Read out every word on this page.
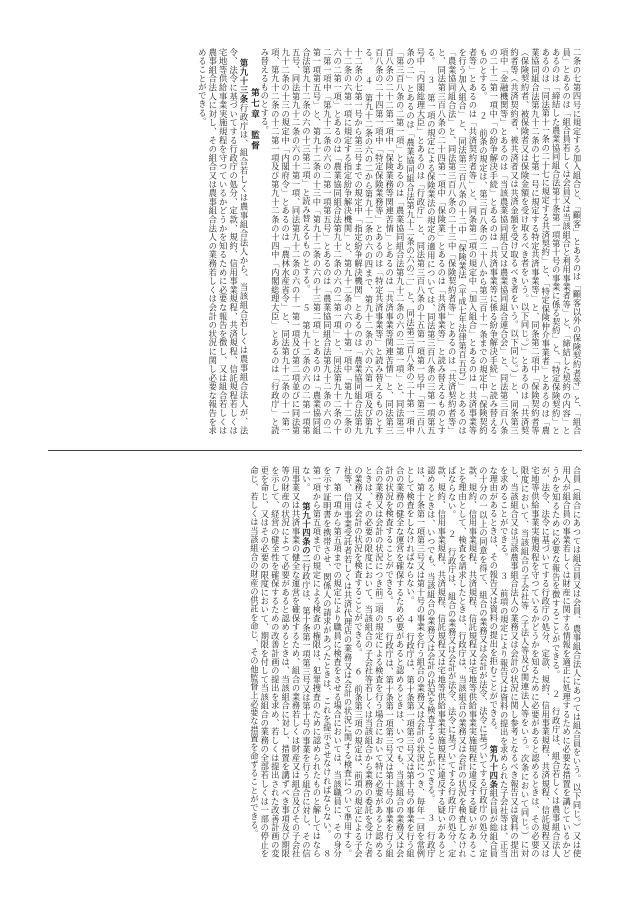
二条の七第四号に規定する加入組合と、「顧客」とあるのは「顧客以外の保険契約者等」と、「組合員」とあるのは「組合員若しくは会員又は当該組合と利用事業者等」と、「締結した契約の内容」とあるのは「締結した農業協同組合法第十条第一項第十号の事業に係る契約」と、「特定保険契約」とあるのは「同法第十一条の二十七に規定する共済契約」と、「特定保険仲介事業者」とあるのは「農業協同組合法第九十二条の七第一号に規定する特定共済事業等」と、同条第二項中「保険契約者等（保険契約者、被保険者又は保険金額を受け取るべき者をいう。以下同じ。）」とあるのは「共済契約者等（共済契約者、被共済者又は共済金額を受け取るべき者をいう。以下同じ。）」と、同条第三項中「金融機関等」とあるのは「当該農業協同組合又は農業協同組合連合会」と、同法第三百八条の二十二第一項中「の紛争解決手続」とあるのは「共済事業等に係る紛争解決手続」と読み替えるものとする。 ２　前条の規定は、第三百八条の二十八から第三百十一条までの規定中「保険契約者等」とあるのは「共済契約者等」と、同条第二項の規定中「加入組合」とあるのは「共済事業等を行う加入組合」と、同法第三百八条の十二中「保険業法（平成七年法律第百五号）」とあるのは「農業協同組合法」と、同法第三百八条の二十三中「保険契約者等」とあるのは「共済契約者等」と、同法第三百八条の二十四第一項中「保険業」とあるのは「共済事業等」と読み替えるものとする。 ３　第一項の規定による保険業法の規定の適用については、同法第三百八条の三第一項第五号中「内閣総理大臣」とあるのは「行政庁」と、同法第三百八条の十五第一項第一号中「第三百八条の二」とあるのは「農業協同組合法第九十二条の六の二」と、同法第三百八条の二十第一項中「第三百八条の二第一項」とあるのは「農業協同組合法第九十二条の六の二第一項」と、同法第三百八条の二十二第一項中「保険業務等関連苦情」とあるのは「共済事業等関連苦情」と、同法第三百八条の二十四第一項中「特定保険業務等」とあるのは「特定共済事業等」と読み替えるものとする。 ４　第九十二条の六の二から第九十二条の六の四まで、第九十二条の六の六第一項及び第九十二条の七第一号から第三号までの規定中「指定紛争解決機関」とあるのは「農業協同組合法第九十二条の六第一項に規定する指定紛争解決機関」と、第九十二条の六の十第一項中「第九十二条の六の二第一項」とあるのは「農業協同組合法第九十二条の六の二第一項」と、同法第九十二条の十二第一項中「第九十二条の六の二第一項第五号」とあるのは「農業協同組合法第九十二条の六の二第一項第五号」と、第九十二条の十三中「第九十二条の六の十三第二項」とあるのは「農業協同組合法第九十二条の六の十三第二項」と読み替えるものとする。 ５　第九十二条の六の二第一項第五号、同法第九十二条の六の十第一項、同法第九十二条の六の十一第一項及び第二項並びに同法第九十二条の十三の規定中「内閣府令」とあるのは「農林水産省令」と、同法第九十二条の十一第一項、第九十二条の十二第一項及び第九十二条の十四中「内閣総理大臣」とあるのは「行政庁」と読み替えるものとする。
第七章　監督
第九十三条行政庁は、組合若しくは農事組合法人から、当該組合若しくは農事組合法人が、法令、法令に基づいてする行政庁の処分、定款、規約、信用事業規程、共済規程、信託規程若しくは宅地等供給事業実施規程を守つているかどうかを知るために必要な報告を徴し、又は組合若しくは農事組合法人に対し、その組合又は農事組合法人の業務若しくは会計の状況に関し必要な報告を求めることができる。
合員（組合にあつては組合員又は会員、農事組合法人にあつては組合員をいう。以下同じ。）又は使用人が組合員の事業若しくは財産に関する情報を適正に処理するために必要な措置を講じているかどうかを知るために必要な報告を徴することができる。 ２　行政庁は、組合若しくは農事組合法人が、法令、法令に基づいてする行政庁の処分、定款、規約、信用事業規程、共済規程、信託規程又は宅地等供給事業実施規程を守つているかどうかを知るために必要があると認めるときは、その必要の限度において、当該組合の子会社等（子法人等及び関連法人等をいう。次条において同じ。）に対し、当該組合又は当該農事組合法人の業務又は会計の状況に関し参考となるべき報告又は資料の提出を求めることができる。 ３　前項の規定により報告又は資料の提出を求められた子会社等は、正当な理由があるときは、その報告又は資料の提出を拒むことができる。 第九十四条組合員が総組合員の十分の一以上の同意を得て、組合の業務又は会計が法令、法令に基づいてする行政庁の処分、定款、規約、信用事業規程、共済規程、信託規程又は宅地等供給事業実施規程に違反する疑いがあることを理由として、検査を請求したときは、行政庁は、当該組合の業務又は会計の状況を検査しなければならない。 ２　行政庁は、組合の業務又は会計が法令、法令に基づいてする行政庁の処分、定款、規約、信用事業規程、共済規程、信託規程又は宅地等供給事業実施規程に違反する疑いがあると認めるときは、いつでも、当該組合の業務又は会計の状況を検査することができる。 ３　行政庁は、第十条第一項第三号又は第十号の事業を行う組合の業務又は会計の状況につき、毎年一回を常例として検査をしなければならない。 ４　行政庁は、第十条第一項第三号又は第十号の事業を行う組合の業務の健全な運営を確保するため必要があると認めるときは、いつでも、当該組合の業務又は会計の状況を検査することができる。 ５　行政庁は、第十条第一項第三号又は第十号の事業を行う組合の業務又は会計の状況につき前二項の規定による検査を行う場合において特に必要があると認めるときは、その必要の限度において、当該組合の子会社等若しくは当該組合から業務の委託を受けた者の業務又は会計の状況を検査することができる。 ６　前条第三項の規定は、前項の規定による子会社等、信用事業受託者若しくは共済代理店の業務又は会計の状況に関する検査について準用する。 ７　第一項から第五項までの規定により職員に検査をさせる場合においては、当該職員に、その身分を示す証明書を携帯させ、関係人の請求があつたときは、これを提示させなければならない。 ８　第一項から第五項までの規定による検査の権限は、犯罪捜査のために認められたものと解してはならない。 第九十四条の二行政庁は、第十条第一項第三号又は第十号の事業を行う組合に対し、その信用事業又は共済事業の健全な運営を確保するため、組合の業務若しくは財産又は組合及びその子会社等の財産の状況によつて必要があると認めるときは、当該組合に対し、措置を講ずべき事項及び期限を示して、経営の健全性を確保するための改善計画の提出を求め、若しくは提出された改善計画の変更を命じ、又はその必要の限度において、期限を付して当該組合の業務の全部若しくは一部の停止を命じ、若しくは当該組合の財産の供託を命じ、その他監督上必要な措置を命ずることができる。
